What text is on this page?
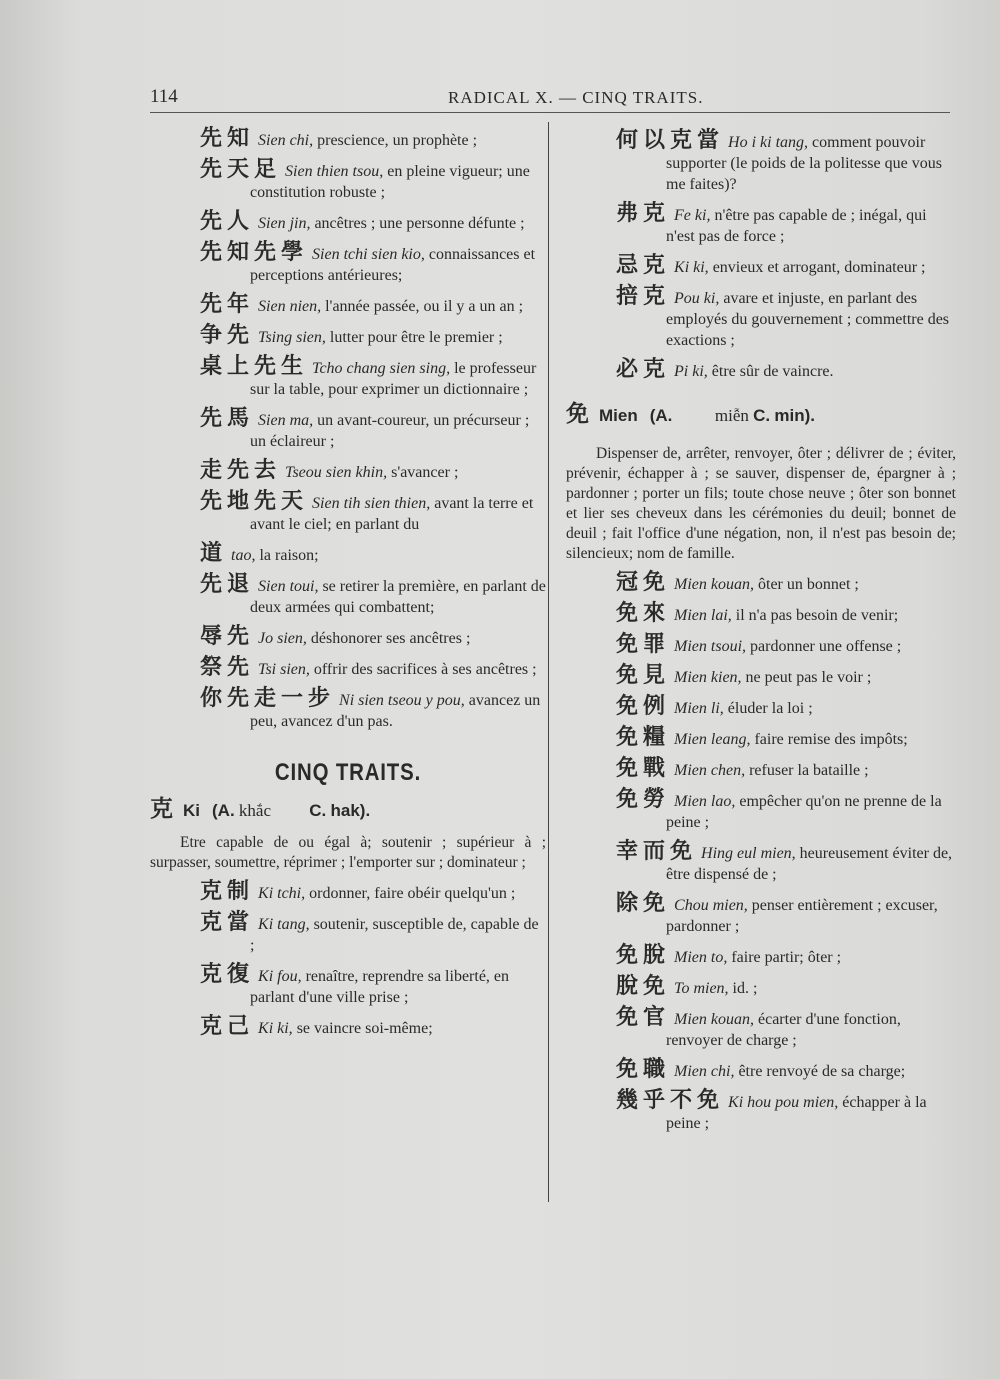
114	RADICAL X. — CINQ TRAITS.
先知 Sien chi, prescience, un prophète ;
先天足 Sien thien tsou, en pleine vigueur; une constitution robuste ;
先人 Sien jin, ancêtres ; une personne défunte ;
先知先學 Sien tchi sien kio, connaissances et perceptions antérieures;
先年 Sien nien, l'année passée, ou il y a un an ;
争先 Tsing sien, lutter pour être le premier ;
桌上先生 Tcho chang sien sing, le professeur sur la table, pour exprimer un dictionnaire ;
先馬 Sien ma, un avant-coureur, un précurseur ; un éclaireur ;
走先去 Tseou sien khin, s'avancer ;
先地先天 Sien tih sien thien, avant la terre et avant le ciel; en parlant du
道 tao, la raison;
先退 Sien toui, se retirer la première, en parlant de deux armées qui combattent;
辱先 Jo sien, déshonorer ses ancêtres ;
祭先 Tsi sien, offrir des sacrifices à ses ancêtres ;
你先走一步 Ni sien tseou y pou, avancez un peu, avancez d'un pas.
CINQ TRAITS.
克 Ki (A. khắc C. hak).
Etre capable de ou égal à; soutenir ; supérieur à ; surpasser, soumettre, réprimer ; l'emporter sur ; dominateur ;
克制 Ki tchi, ordonner, faire obéir quelqu'un ;
克當 Ki tang, soutenir, susceptible de, capable de ;
克復 Ki fou, renaître, reprendre sa liberté, en parlant d'une ville prise ;
克己 Ki ki, se vaincre soi-même;
何以克當 Ho i ki tang, comment pouvoir supporter (le poids de la politesse que vous me faites)?
弗克 Fe ki, n'être pas capable de ; inégal, qui n'est pas de force ;
忌克 Ki ki, envieux et arrogant, dominateur ;
掊克 Pou ki, avare et injuste, en parlant des employés du gouvernement ; commettre des exactions ;
必克 Pi ki, être sûr de vaincre.
免 Mien (A.	miễn C. min).
Dispenser de, arrêter, renvoyer, ôter ; délivrer de ; éviter, prévenir, échapper à ; se sauver, dispenser de, épargner à ; pardonner ; porter un fils; toute chose neuve ; ôter son bonnet et lier ses cheveux dans les cérémonies du deuil; bonnet de deuil ; fait l'office d'une négation, non, il n'est pas besoin de; silencieux; nom de famille.
冠免 Mien kouan, ôter un bonnet ;
免來 Mien lai, il n'a pas besoin de venir;
免罪 Mien tsoui, pardonner une offense ;
免見 Mien kien, ne peut pas le voir ;
免例 Mien li, éluder la loi ;
免糧 Mien leang, faire remise des impôts;
免戰 Mien chen, refuser la bataille ;
免勞 Mien lao, empêcher qu'on ne prenne de la peine ;
幸而免 Hing eul mien, heureusement éviter de, être dispensé de ;
除免 Chou mien, penser entièrement ; excuser, pardonner ;
免脫 Mien to, faire partir; ôter ;
脫免 To mien, id. ;
免官 Mien kouan, écarter d'une fonction, renvoyer de charge ;
免職 Mien chi, être renvoyé de sa charge;
幾乎不免 Ki hou pou mien, échapper à la peine ;
